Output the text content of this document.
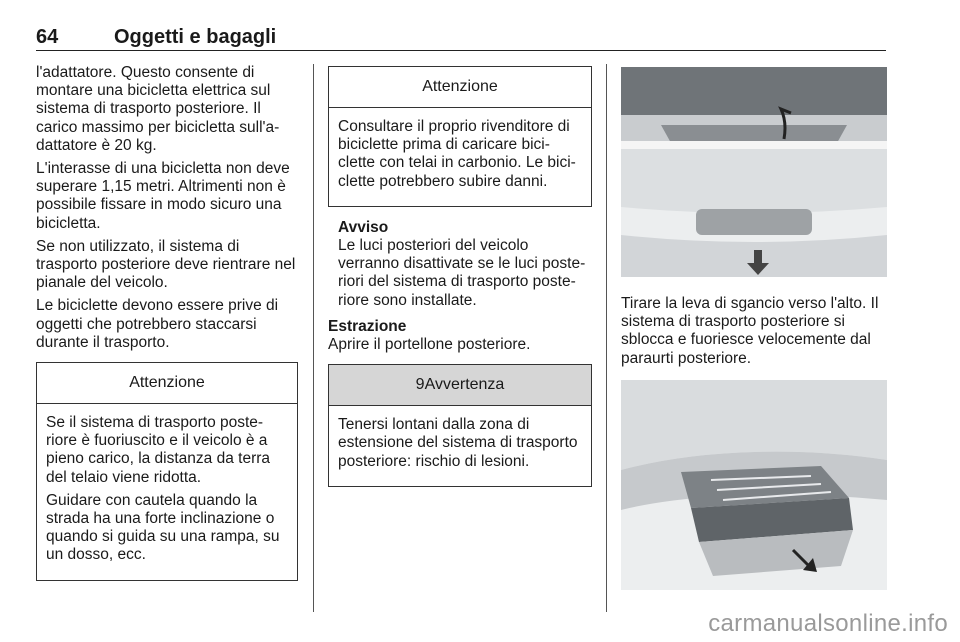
64	Oggetti e bagagli

l'adattatore. Questo consente di montare una bicicletta elettrica sul sistema di trasporto posteriore. Il carico massimo per bicicletta sull'a-dattatore è 20 kg.

L'interasse di una bicicletta non deve superare 1,15 metri. Altrimenti non è possibile fissare in modo sicuro una bicicletta.

Se non utilizzato, il sistema di trasporto posteriore deve rientrare nel pianale del veicolo.

Le biciclette devono essere prive di oggetti che potrebbero staccarsi durante il trasporto.

Attenzione

Se il sistema di trasporto poste-riore è fuoriuscito e il veicolo è a pieno carico, la distanza da terra del telaio viene ridotta.

Guidare con cautela quando la strada ha una forte inclinazione o quando si guida su una rampa, su un dosso, ecc.

Attenzione

Consultare il proprio rivenditore di biciclette prima di caricare bici-clette con telai in carbonio. Le bici-clette potrebbero subire danni.

Avviso
Le luci posteriori del veicolo verranno disattivate se le luci poste-riori del sistema di trasporto poste-riore sono installate.
Estrazione

Aprire il portellone posteriore.

9Avvertenza

Tenersi lontani dalla zona di estensione del sistema di trasporto posteriore: rischio di lesioni.

Tirare la leva di sgancio verso l'alto. Il sistema di trasporto posteriore si sblocca e fuoriesce velocemente dal paraurti posteriore.

carmanualsonline.info
